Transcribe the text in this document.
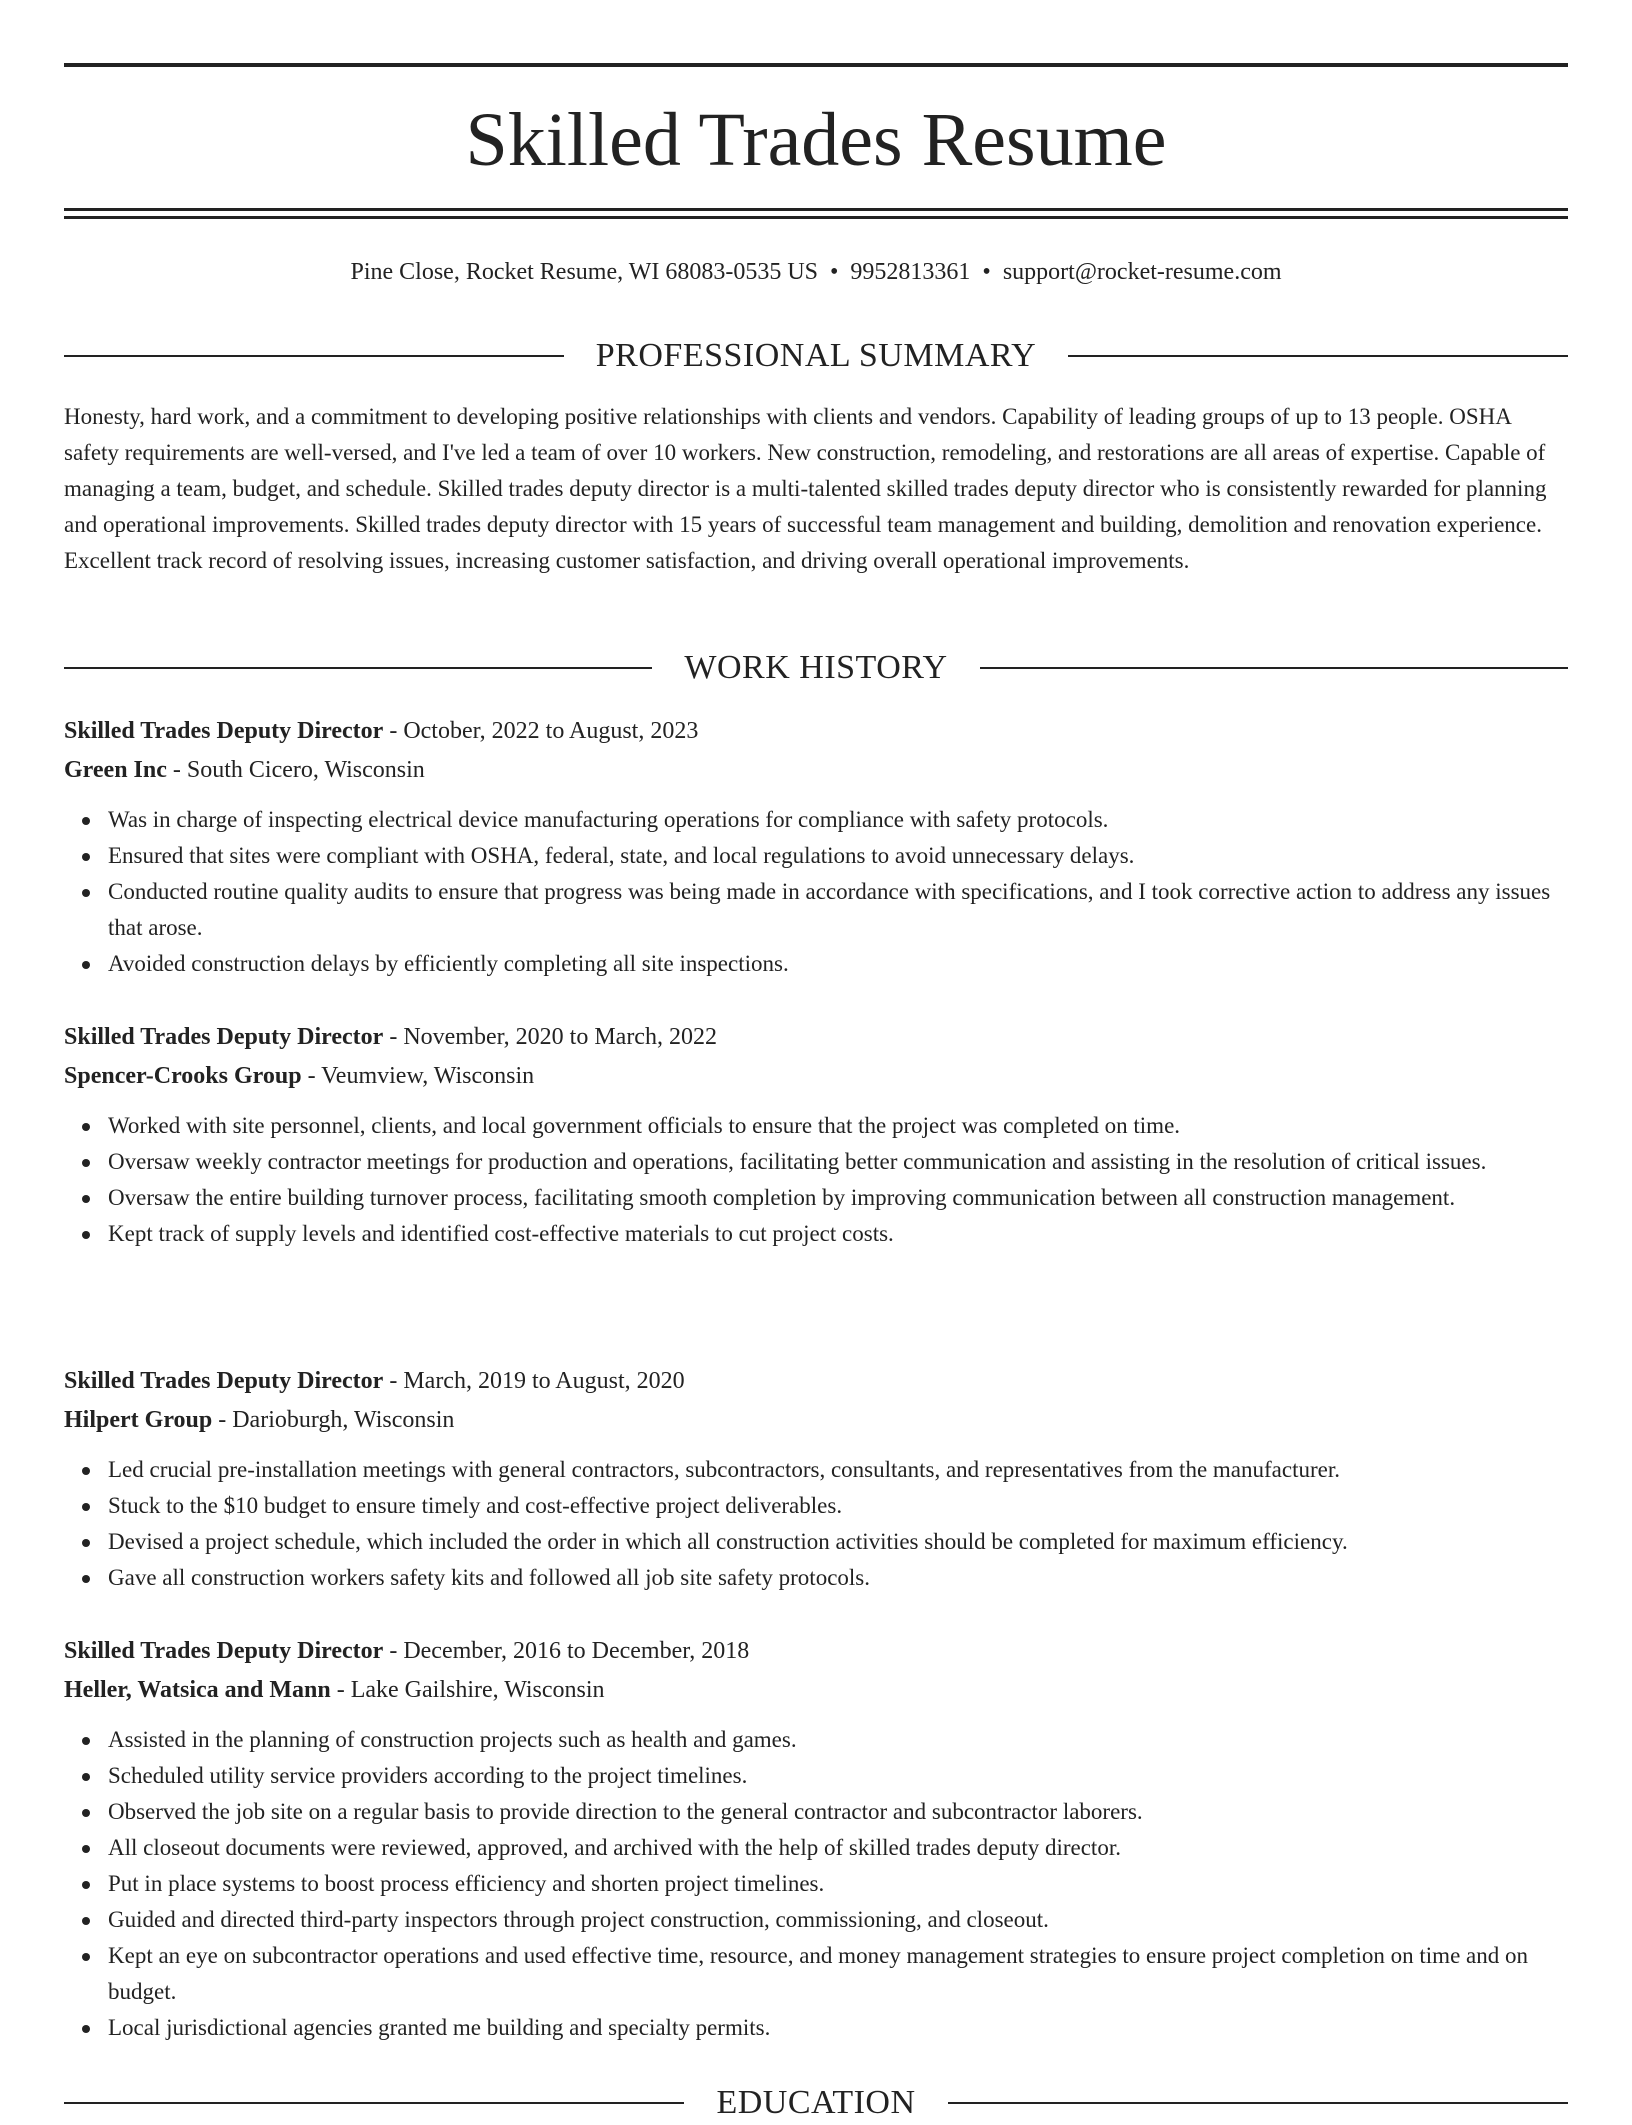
Skilled Trades Resume
Pine Close, Rocket Resume, WI 68083-0535 US • 9952813361 • support@rocket-resume.com
PROFESSIONAL SUMMARY

Honesty, hard work, and a commitment to developing positive relationships with clients and vendors. Capability of leading groups of up to 13 people. OSHA safety requirements are well-versed, and I've led a team of over 10 workers. New construction, remodeling, and restorations are all areas of expertise. Capable of managing a team, budget, and schedule. Skilled trades deputy director is a multi-talented skilled trades deputy director who is consistently rewarded for planning and operational improvements. Skilled trades deputy director with 15 years of successful team management and building, demolition and renovation experience. Excellent track record of resolving issues, increasing customer satisfaction, and driving overall operational improvements.

WORK HISTORY

Skilled Trades Deputy Director - October, 2022 to August, 2023

Green Inc - South Cicero, Wisconsin

Was in charge of inspecting electrical device manufacturing operations for compliance with safety protocols.
Ensured that sites were compliant with OSHA, federal, state, and local regulations to avoid unnecessary delays.
Conducted routine quality audits to ensure that progress was being made in accordance with specifications, and I took corrective action to address any issues that arose.
Avoided construction delays by efficiently completing all site inspections.

Skilled Trades Deputy Director - November, 2020 to March, 2022

Spencer-Crooks Group - Veumview, Wisconsin

Worked with site personnel, clients, and local government officials to ensure that the project was completed on time.
Oversaw weekly contractor meetings for production and operations, facilitating better communication and assisting in the resolution of critical issues.
Oversaw the entire building turnover process, facilitating smooth completion by improving communication between all construction management.
Kept track of supply levels and identified cost-effective materials to cut project costs.

Skilled Trades Deputy Director - March, 2019 to August, 2020

Hilpert Group - Darioburgh, Wisconsin

Led crucial pre-installation meetings with general contractors, subcontractors, consultants, and representatives from the manufacturer.
Stuck to the $10 budget to ensure timely and cost-effective project deliverables.
Devised a project schedule, which included the order in which all construction activities should be completed for maximum efficiency.
Gave all construction workers safety kits and followed all job site safety protocols.

Skilled Trades Deputy Director - December, 2016 to December, 2018

Heller, Watsica and Mann - Lake Gailshire, Wisconsin

Assisted in the planning of construction projects such as health and games.
Scheduled utility service providers according to the project timelines.
Observed the job site on a regular basis to provide direction to the general contractor and subcontractor laborers.
All closeout documents were reviewed, approved, and archived with the help of skilled trades deputy director.
Put in place systems to boost process efficiency and shorten project timelines.
Guided and directed third-party inspectors through project construction, commissioning, and closeout.
Kept an eye on subcontractor operations and used effective time, resource, and money management strategies to ensure project completion on time and on budget.
Local jurisdictional agencies granted me building and specialty permits.
EDUCATION
